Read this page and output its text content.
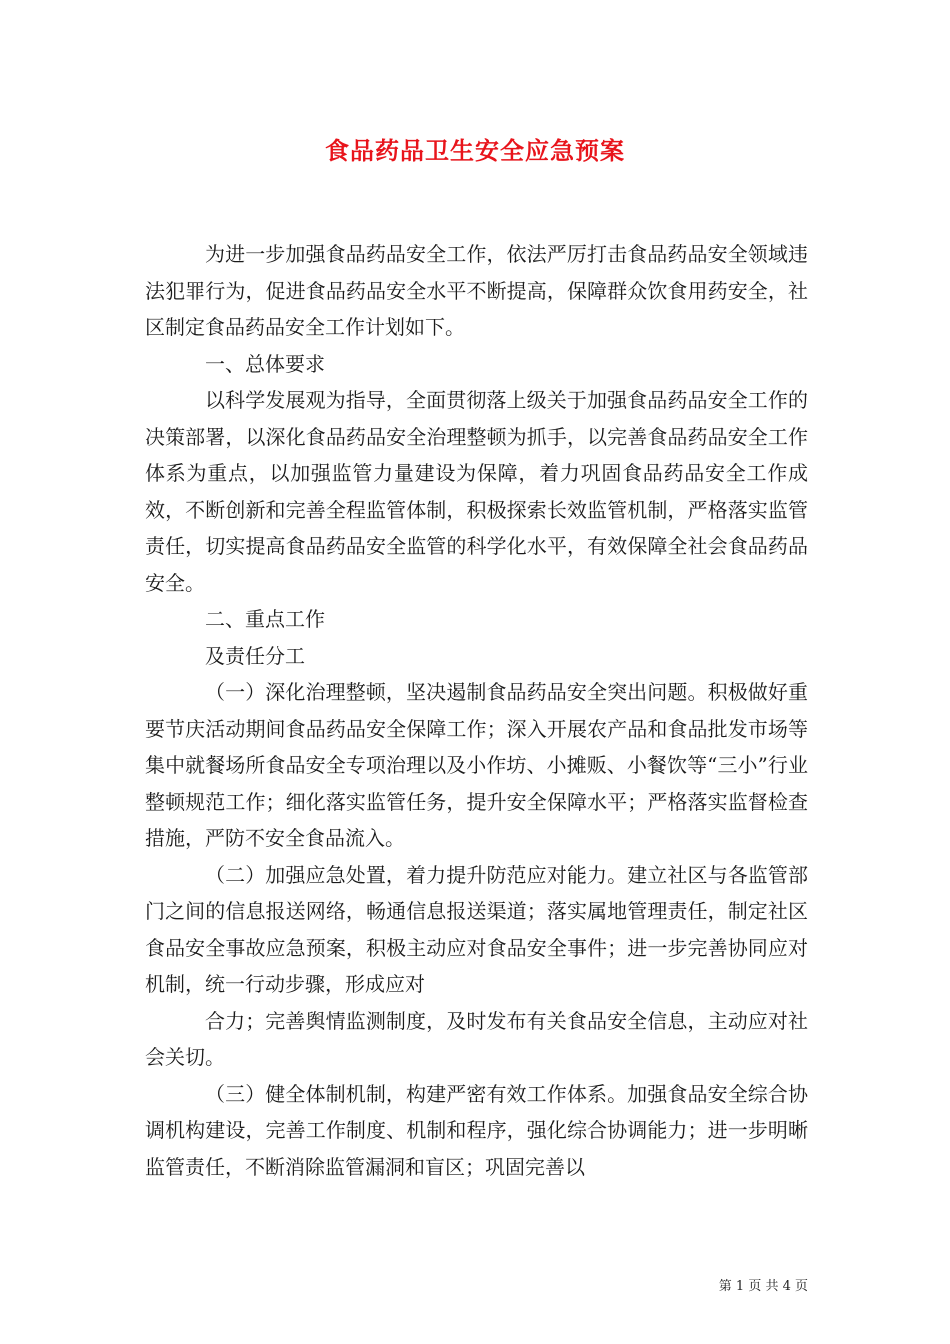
食品药品卫生安全应急预案

为进一步加强食品药品安全工作，依法严厉打击食品药品安全领域违法犯罪行为，促进食品药品安全水平不断提高，保障群众饮食用药安全，社区制定食品药品安全工作计划如下。

一、总体要求

以科学发展观为指导，全面贯彻落上级关于加强食品药品安全工作的决策部署，以深化食品药品安全治理整顿为抓手，以完善食品药品安全工作体系为重点，以加强监管力量建设为保障，着力巩固食品药品安全工作成效，不断创新和完善全程监管体制，积极探索长效监管机制，严格落实监管责任，切实提高食品药品安全监管的科学化水平，有效保障全社会食品药品安全。

二、重点工作

及责任分工

（一）深化治理整顿，坚决遏制食品药品安全突出问题。积极做好重要节庆活动期间食品药品安全保障工作；深入开展农产品和食品批发市场等集中就餐场所食品安全专项治理以及小作坊、小摊贩、小餐饮等“三小”行业整顿规范工作；细化落实监管任务，提升安全保障水平；严格落实监督检查措施，严防不安全食品流入。

（二）加强应急处置，着力提升防范应对能力。建立社区与各监管部门之间的信息报送网络，畅通信息报送渠道；落实属地管理责任，制定社区食品安全事故应急预案，积极主动应对食品安全事件；进一步完善协同应对机制，统一行动步骤，形成应对

合力；完善舆情监测制度，及时发布有关食品安全信息，主动应对社会关切。

（三）健全体制机制，构建严密有效工作体系。加强食品安全综合协调机构建设，完善工作制度、机制和程序，强化综合协调能力；进一步明晰监管责任，不断消除监管漏洞和盲区；巩固完善以

第 1 页 共 4 页
